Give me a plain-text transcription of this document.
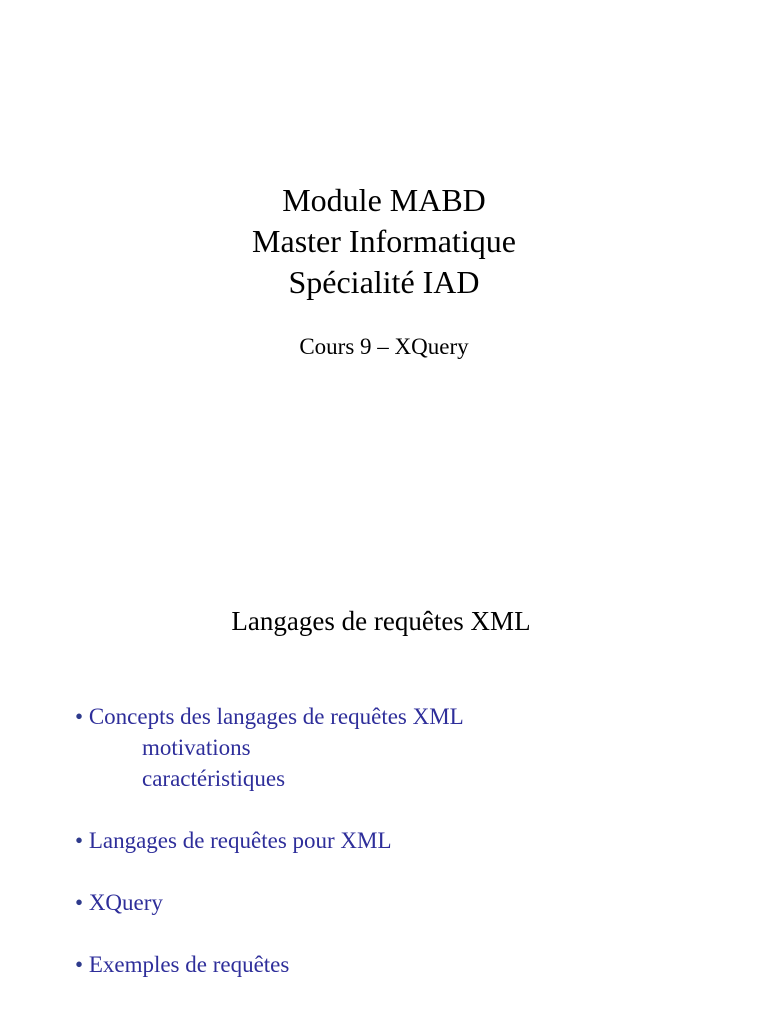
Module MABD
Master Informatique
Spécialité IAD
Cours 9 – XQuery
Langages de requêtes XML
• Concepts des langages de requêtes XML
motivations
caractéristiques
• Langages de requêtes pour XML
• XQuery
• Exemples de requêtes
